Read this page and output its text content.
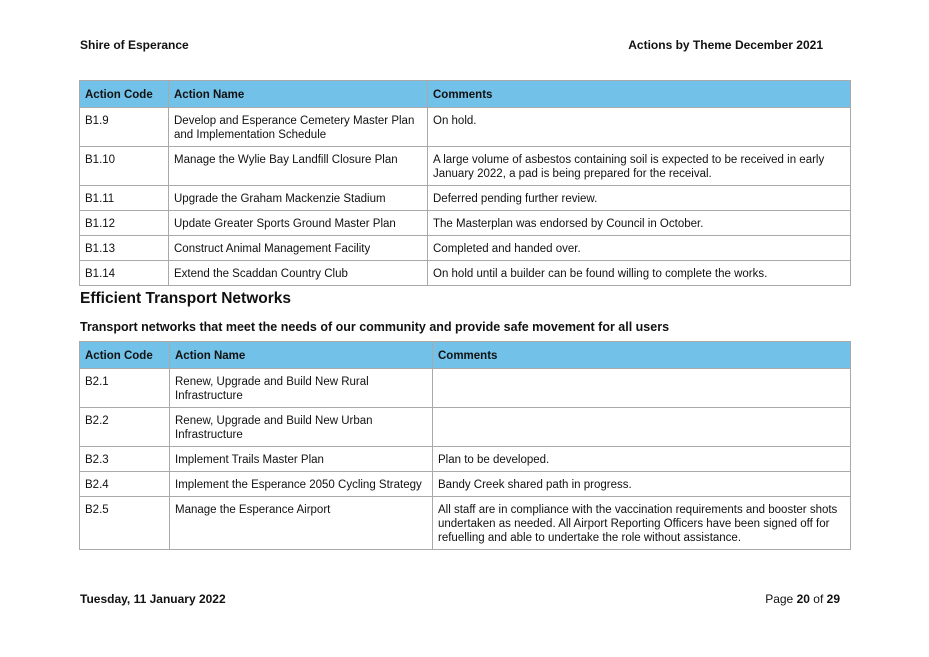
Shire of Esperance	Actions by Theme December 2021
Action Code	Action Name	Comments
B1.9	Develop and Esperance Cemetery Master Plan and Implementation Schedule	On hold.
B1.10	Manage the Wylie Bay Landfill Closure Plan	A large volume of asbestos containing soil is expected to be received in early January 2022, a pad is being prepared for the receival.
B1.11	Upgrade the Graham Mackenzie Stadium	Deferred pending further review.
B1.12	Update Greater Sports Ground Master Plan	The Masterplan was endorsed by Council in October.
B1.13	Construct Animal Management Facility	Completed and handed over.
B1.14	Extend the Scaddan Country Club	On hold until a builder can be found willing to complete the works.
Efficient Transport Networks
Transport networks that meet the needs of our community and provide safe movement for all users
Action Code	Action Name	Comments
B2.1	Renew, Upgrade and Build New Rural Infrastructure	
B2.2	Renew, Upgrade and Build New Urban Infrastructure	
B2.3	Implement Trails Master Plan	Plan to be developed.
B2.4	Implement the Esperance 2050 Cycling Strategy	Bandy Creek shared path in progress.
B2.5	Manage the Esperance Airport	All staff are in compliance with the vaccination requirements and booster shots undertaken as needed. All Airport Reporting Officers have been signed off for refuelling and able to undertake the role without assistance.
Tuesday, 11 January 2022	Page 20 of 29
